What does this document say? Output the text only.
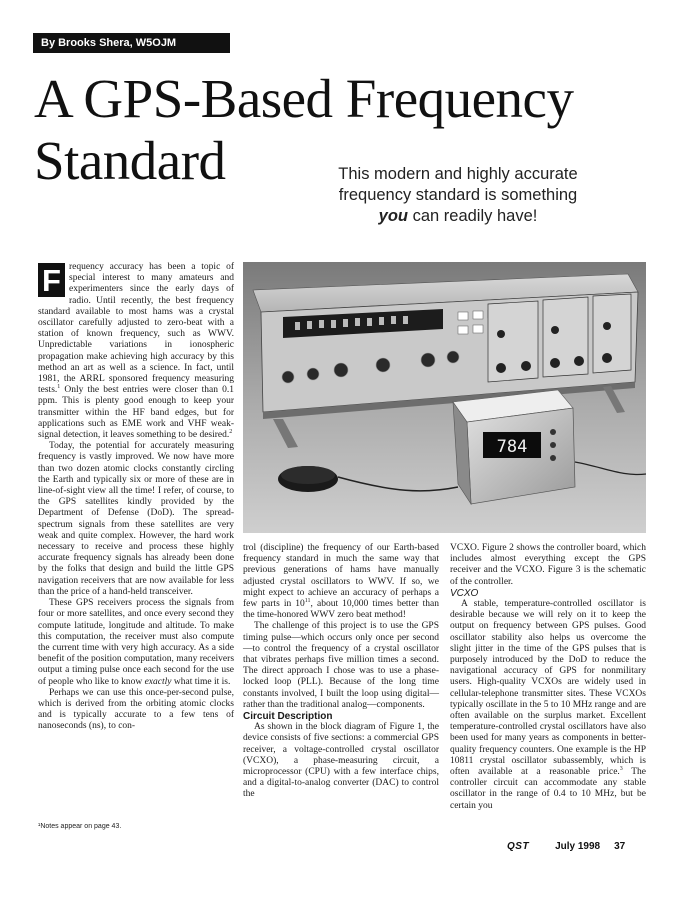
By Brooks Shera, W5OJM
A GPS-Based Frequency
Standard	This modern and highly accurate
frequency standard is something
you can readily have!
784

F requency accuracy has been a topic of special interest to many amateurs and experimenters since the early days of radio. Until recently, the best frequency standard available to most hams was a crystal oscillator carefully adjusted to zero-beat with a station of known frequency, such as WWV. Unpredictable variations in ionospheric propagation make achieving high accuracy by this method an art as well as a science. In fact, until 1981, the ARRL sponsored frequency measuring tests.$^1$ Only the best entries were closer than 0.1 ppm. This is plenty good enough to keep your transmitter within the HF band edges, but for applications such as EME work and VHF weak-signal detection, it leaves something to be desired.$^2$

Today, the potential for accurately measuring frequency is vastly improved. We now have more than two dozen atomic clocks constantly circling the Earth and typically six or more of these are in line-of-sight view all the time! I refer, of course, to the GPS satellites kindly provided by the Department of Defense (DoD). The spread-spectrum signals from these satellites are very weak and quite complex. However, the hard work necessary to receive and process these highly accurate frequency signals has already been done by the folks that design and build the little GPS navigation receivers that are now available for less than the price of a hand-held transceiver.

These GPS receivers process the signals from four or more satellites, and once every second they compute latitude, longitude and altitude. To make this computation, the receiver must also compute the current time with very high accuracy. As a side benefit of the position computation, many receivers output a timing pulse once each second for the use of people who like to know exactly what time it is.

Perhaps we can use this once-per-second pulse, which is derived from the orbiting atomic clocks and is typically accurate to a few tens of nanoseconds (ns), to con-

trol (discipline) the frequency of our Earth-based frequency standard in much the same way that previous generations of hams have manually adjusted crystal oscillators to WWV. If so, we might expect to achieve an accuracy of perhaps a few parts in $10^{11}$, about 10,000 times better than the time-honored WWV zero beat method!

The challenge of this project is to use the GPS timing pulse—which occurs only once per second—to control the frequency of a crystal oscillator that vibrates perhaps five million times a second. The direct approach I chose was to use a phase-locked loop (PLL). Because of the long time constants involved, I built the loop using digital—rather than the traditional analog—components.

Circuit Description

As shown in the block diagram of Figure 1, the device consists of five sections: a commercial GPS receiver, a voltage-controlled crystal oscillator (VCXO), a phase-measuring circuit, a microprocessor (CPU) with a few interface chips, and a digital-to-analog converter (DAC) to control the

VCXO. Figure 2 shows the controller board, which includes almost everything except the GPS receiver and the VCXO. Figure 3 is the schematic of the controller.

VCXO

A stable, temperature-controlled oscillator is desirable because we will rely on it to keep the output on frequency between GPS pulses. Good oscillator stability also helps us overcome the slight jitter in the time of the GPS pulses that is purposely introduced by the DoD to reduce the navigational accuracy of GPS for nonmilitary users. High-quality VCXOs are widely used in cellular-telephone transmitter sites. These VCXOs typically oscillate in the 5 to 10 MHz range and are often available on the surplus market. Excellent temperature-controlled crystal oscillators have also been used for many years as components in better-quality frequency counters. One example is the HP 10811 crystal oscillator subassembly, which is often available at a reasonable price.$^3$ The controller circuit can accommodate any stable oscillator in the range of 0.4 to 10 MHz, but be certain you

¹Notes appear on page 43.
QST	July 1998 37
